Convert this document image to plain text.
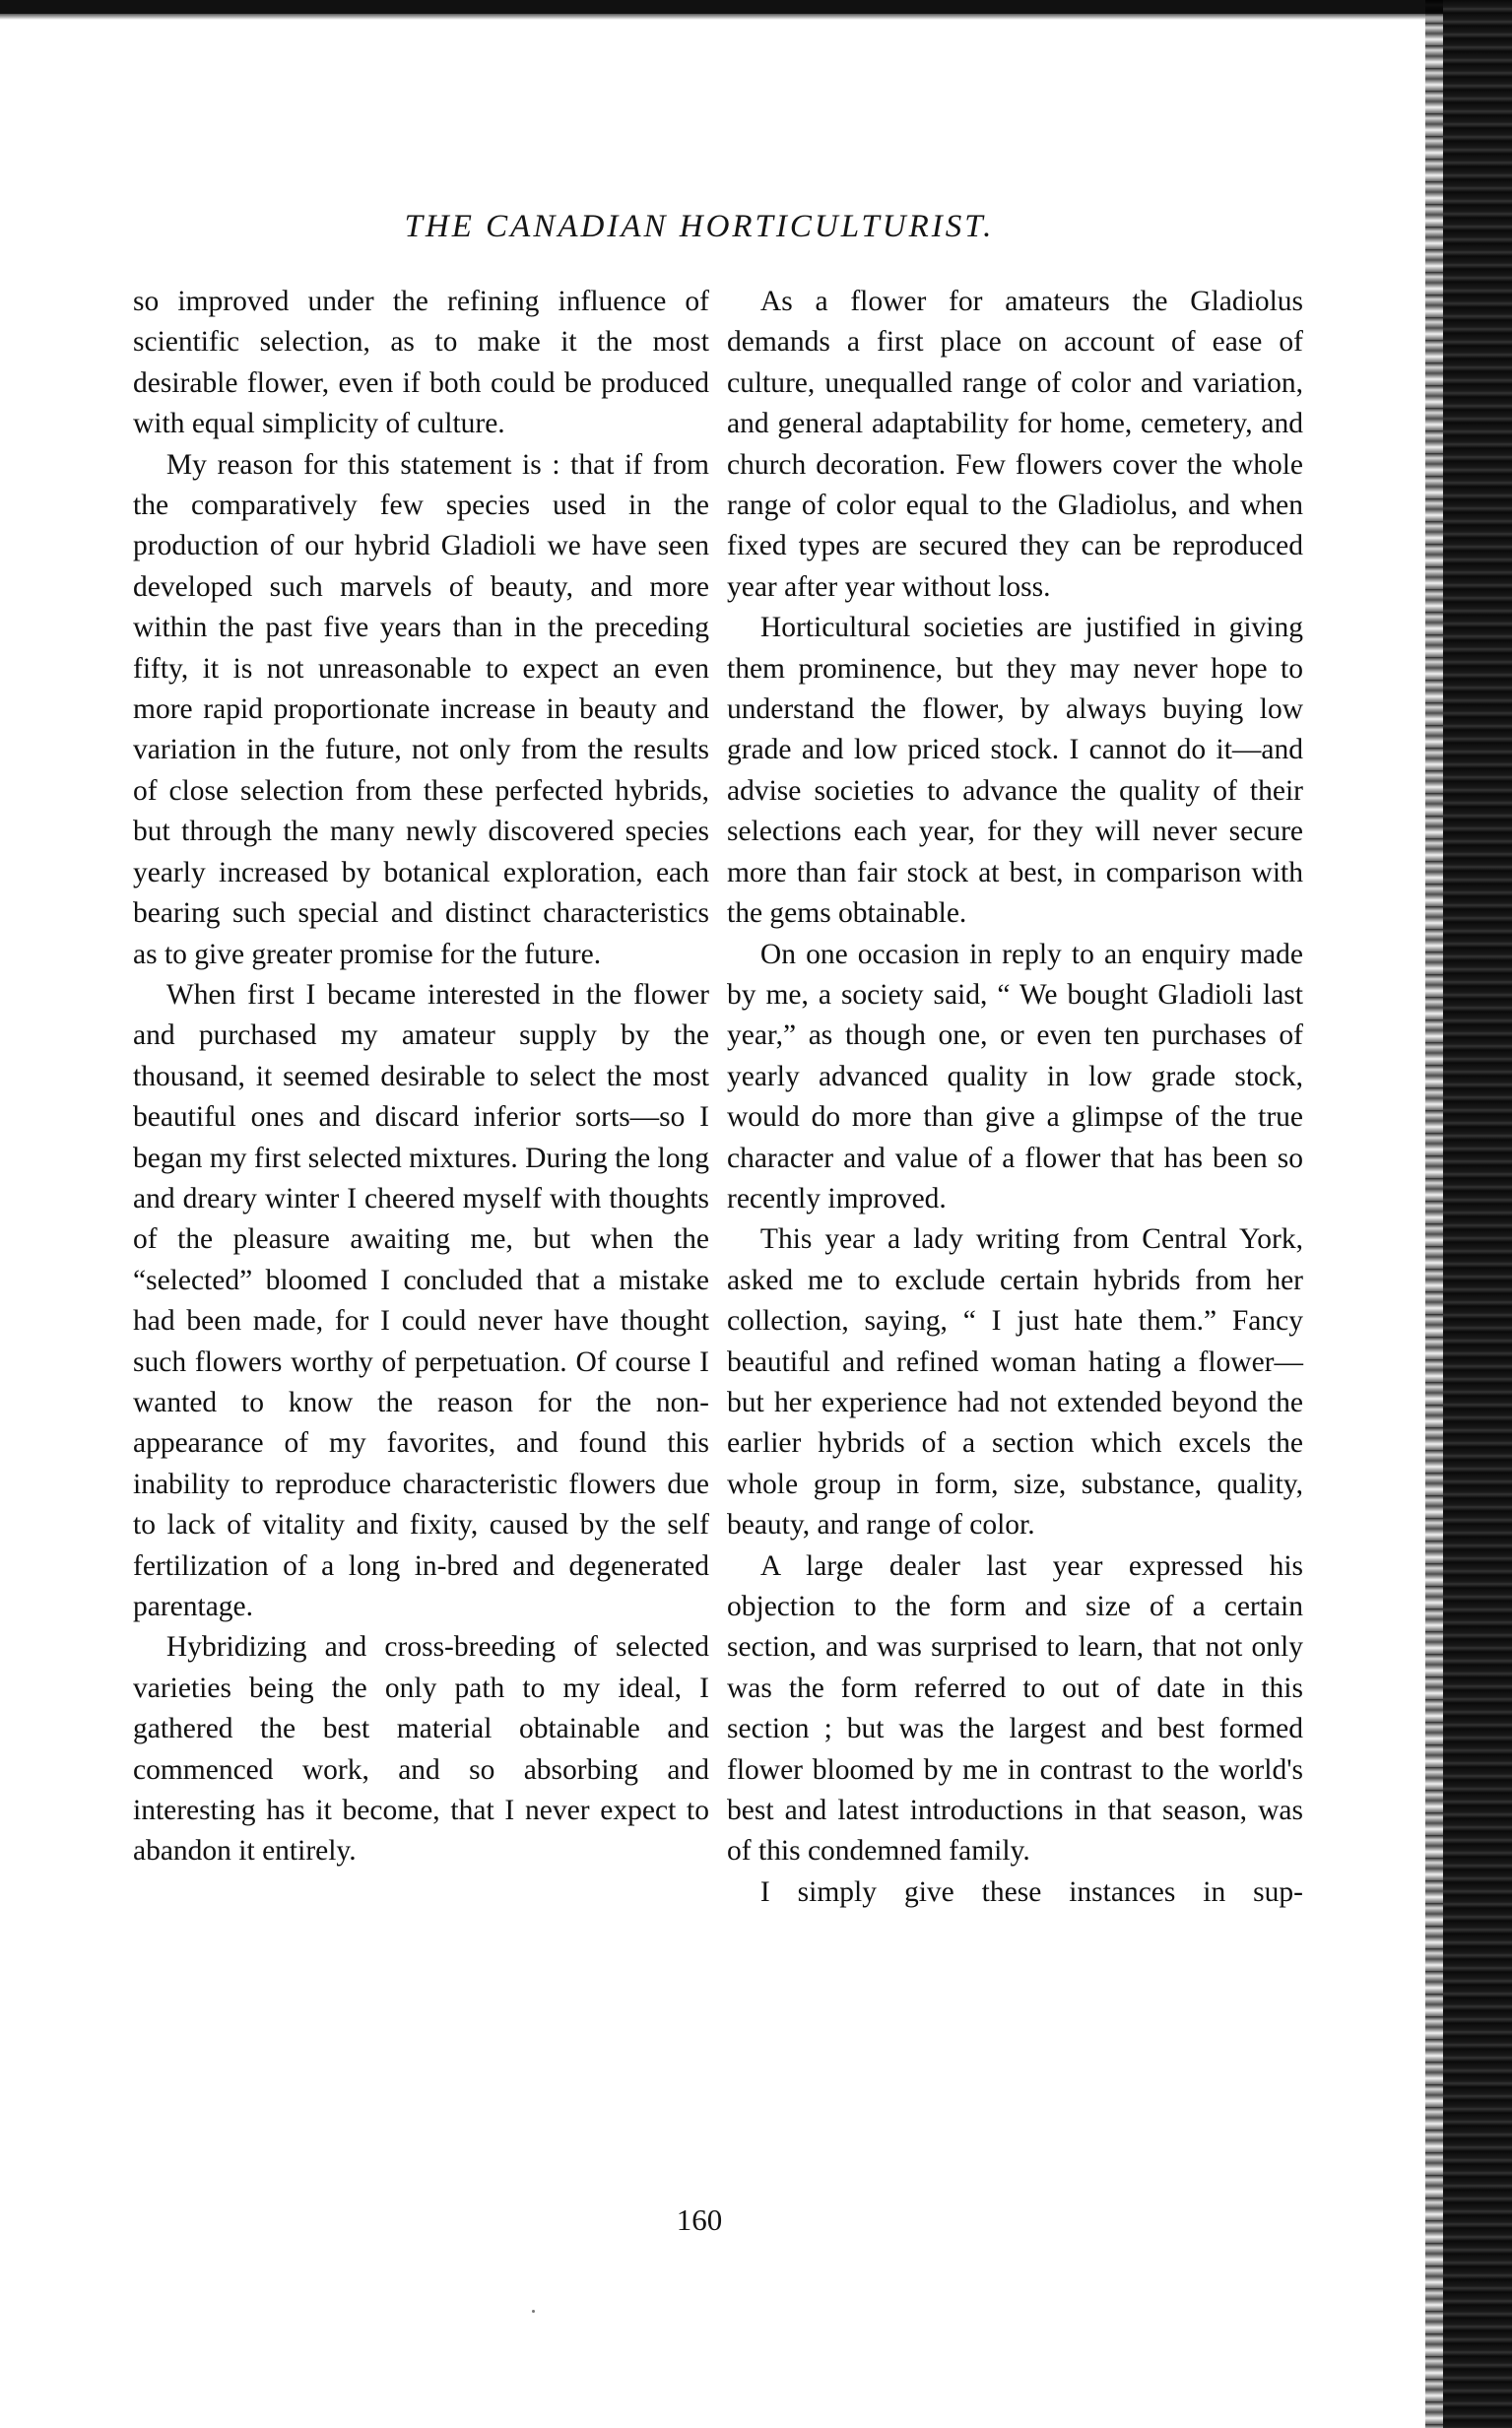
THE CANADIAN HORTICULTURIST.

so improved under the refining influence of scientific selection, as to make it the most desirable flower, even if both could be produced with equal simplicity of culture.

My reason for this statement is : that if from the comparatively few species used in the production of our hybrid Gladioli we have seen developed such marvels of beauty, and more within the past five years than in the preceding fifty, it is not unreasonable to expect an even more rapid proportionate increase in beauty and variation in the future, not only from the results of close selection from these perfected hybrids, but through the many newly discovered species yearly increased by botanical exploration, each bearing such special and distinct characteristics as to give greater promise for the future.

When first I became interested in the flower and purchased my amateur supply by the thousand, it seemed desirable to select the most beautiful ones and discard inferior sorts—so I began my first selected mixtures. During the long and dreary winter I cheered myself with thoughts of the pleasure awaiting me, but when the “selected” bloomed I concluded that a mistake had been made, for I could never have thought such flowers worthy of perpetuation. Of course I wanted to know the reason for the non-appearance of my favorites, and found this inability to reproduce characteristic flowers due to lack of vitality and fixity, caused by the self fertilization of a long in-bred and degenerated parentage.

Hybridizing and cross-breeding of selected varieties being the only path to my ideal, I gathered the best material obtainable and commenced work, and so absorbing and interesting has it become, that I never expect to abandon it entirely.

As a flower for amateurs the Gladiolus demands a first place on account of ease of culture, unequalled range of color and variation, and general adaptability for home, cemetery, and church decoration. Few flowers cover the whole range of color equal to the Gladiolus, and when fixed types are secured they can be reproduced year after year without loss.

Horticultural societies are justified in giving them prominence, but they may never hope to understand the flower, by always buying low grade and low priced stock. I cannot do it—and advise societies to advance the quality of their selections each year, for they will never secure more than fair stock at best, in comparison with the gems obtainable.

On one occasion in reply to an enquiry made by me, a society said, “ We bought Gladioli last year,” as though one, or even ten purchases of yearly advanced quality in low grade stock, would do more than give a glimpse of the true character and value of a flower that has been so recently improved.

This year a lady writing from Central York, asked me to exclude certain hybrids from her collection, saying, “ I just hate them.” Fancy beautiful and refined woman hating a flower—but her experience had not extended beyond the earlier hybrids of a section which excels the whole group in form, size, substance, quality, beauty, and range of color.

A large dealer last year expressed his objection to the form and size of a certain section, and was surprised to learn, that not only was the form referred to out of date in this section ; but was the largest and best formed flower bloomed by me in contrast to the world's best and latest introductions in that season, was of this condemned family.

I simply give these instances in sup-

160
